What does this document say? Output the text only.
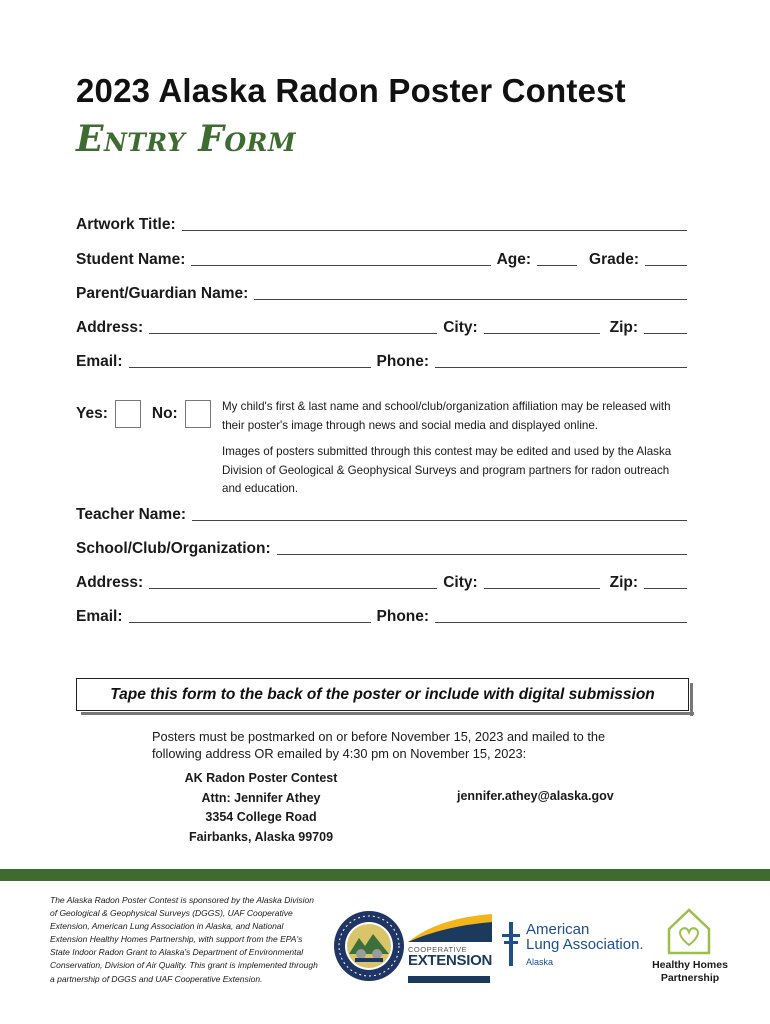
2023 Alaska Radon Poster Contest
Entry Form
Artwork Title:
Student Name:	Age:	Grade:
Parent/Guardian Name:
Address:	City:	Zip:
Email:	Phone:
Yes:	No:	My child's first & last name and school/club/organization affiliation may be released with their poster's image through news and social media and displayed online.

Images of posters submitted through this contest may be edited and used by the Alaska Division of Geological & Geophysical Surveys and program partners for radon outreach and education.

Teacher Name:
School/Club/Organization:
Address:	City:	Zip:
Email:	Phone:
Tape this form to the back of the poster or include with digital submission
Posters must be postmarked on or before November 15, 2023 and mailed to the following address OR emailed by 4:30 pm on November 15, 2023:
AK Radon Poster Contest
Attn: Jennifer Athey
3354 College Road
Fairbanks, Alaska 99709
jennifer.athey@alaska.gov
The Alaska Radon Poster Contest is sponsored by the Alaska Division of Geological & Geophysical Surveys (DGGS), UAF Cooperative Extension, American Lung Association in Alaska, and National Extension Healthy Homes Partnership, with support from the EPA's State Indoor Radon Grant to Alaska's Department of Environmental Conservation, Division of Air Quality. This grant is implemented through a partnership of DGGS and UAF Cooperative Extension.
COOPERATIVE
EXTENSION
American
Lung Association.
Alaska	Healthy Homes
Partnership
